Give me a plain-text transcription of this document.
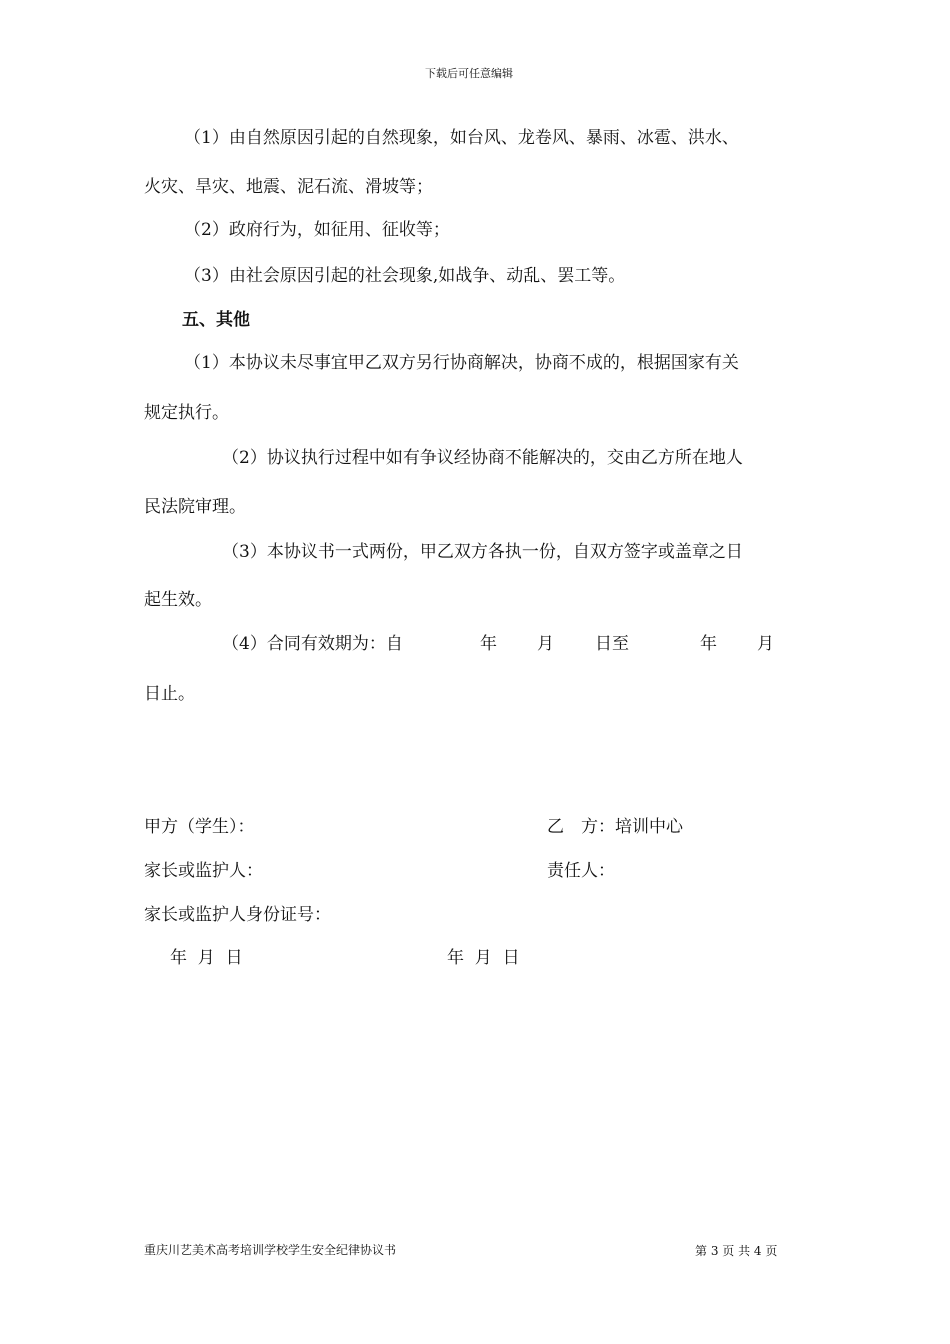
下载后可任意编辑
（1）由自然原因引起的自然现象，如台风、龙卷风、暴雨、冰雹、洪水、
火灾、旱灾、地震、泥石流、滑坡等；
（2）政府行为，如征用、征收等；
（3）由社会原因引起的社会现象,如战争、动乱、罢工等。
五、其他
（1）本协议未尽事宜甲乙双方另行协商解决，协商不成的，根据国家有关
规定执行。
（2）协议执行过程中如有争议经协商不能解决的，交由乙方所在地人
民法院审理。
（3）本协议书一式两份，甲乙双方各执一份，自双方签字或盖章之日
起生效。
（4）合同有效期为：自	年 月 日至	年 月
日止。
甲方（学生）：	乙　方：培训中心
家长或监护人：	责任人：
家长或监护人身份证号：
年  月  日	年  月  日
重庆川艺美术高考培训学校学生安全纪律协议书	第 3 页 共 4 页
